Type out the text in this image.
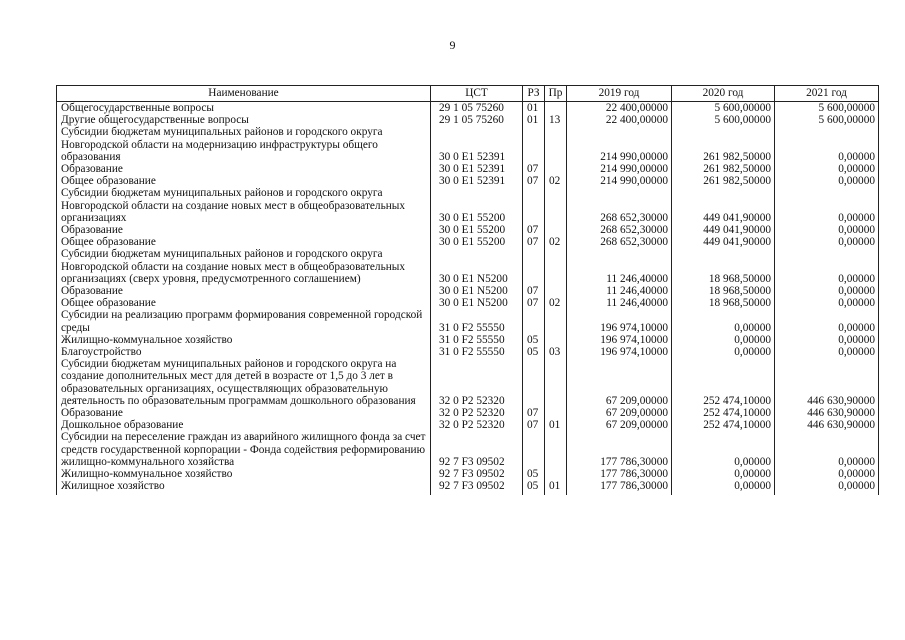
9
Наименование	ЦСТ	РЗ	Пр	2019 год	2020 год	2021 год
Общегосударственные вопросы	29 1 05 75260	01		22 400,00000	5 600,00000	5 600,00000
Другие общегосударственные вопросы	29 1 05 75260	01	13	22 400,00000	5 600,00000	5 600,00000
Субсидии бюджетам муниципальных районов и городского округа Новгородской области на модернизацию инфраструктуры общего образования	30 0 E1 52391			214 990,00000	261 982,50000	0,00000
Образование	30 0 E1 52391	07		214 990,00000	261 982,50000	0,00000
Общее образование	30 0 E1 52391	07	02	214 990,00000	261 982,50000	0,00000
Субсидии бюджетам муниципальных районов и городского округа Новгородской области на создание новых мест в общеобразовательных организациях	30 0 E1 55200			268 652,30000	449 041,90000	0,00000
Образование	30 0 E1 55200	07		268 652,30000	449 041,90000	0,00000
Общее образование	30 0 E1 55200	07	02	268 652,30000	449 041,90000	0,00000
Субсидии бюджетам муниципальных районов и городского округа Новгородской области на создание новых мест в общеобразовательных организациях (сверх уровня, предусмотренного соглашением)	30 0 E1 N5200			11 246,40000	18 968,50000	0,00000
Образование	30 0 E1 N5200	07		11 246,40000	18 968,50000	0,00000
Общее образование	30 0 E1 N5200	07	02	11 246,40000	18 968,50000	0,00000
Субсидии на реализацию программ формирования современной городской среды	31 0 F2 55550			196 974,10000	0,00000	0,00000
Жилищно-коммунальное хозяйство	31 0 F2 55550	05		196 974,10000	0,00000	0,00000
Благоустройство	31 0 F2 55550	05	03	196 974,10000	0,00000	0,00000
Субсидии бюджетам муниципальных районов и городского округа на создание дополнительных мест для детей в возрасте от 1,5 до 3 лет в образовательных организациях, осуществляющих образовательную деятельность по образовательным программам дошкольного образования	32 0 P2 52320			67 209,00000	252 474,10000	446 630,90000
Образование	32 0 P2 52320	07		67 209,00000	252 474,10000	446 630,90000
Дошкольное образование	32 0 P2 52320	07	01	67 209,00000	252 474,10000	446 630,90000
Субсидии на переселение граждан из аварийного жилищного фонда за счет средств государственной корпорации - Фонда содействия реформированию жилищно-коммунального хозяйства	92 7 F3 09502			177 786,30000	0,00000	0,00000
Жилищно-коммунальное хозяйство	92 7 F3 09502	05		177 786,30000	0,00000	0,00000
Жилищное хозяйство	92 7 F3 09502	05	01	177 786,30000	0,00000	0,00000
